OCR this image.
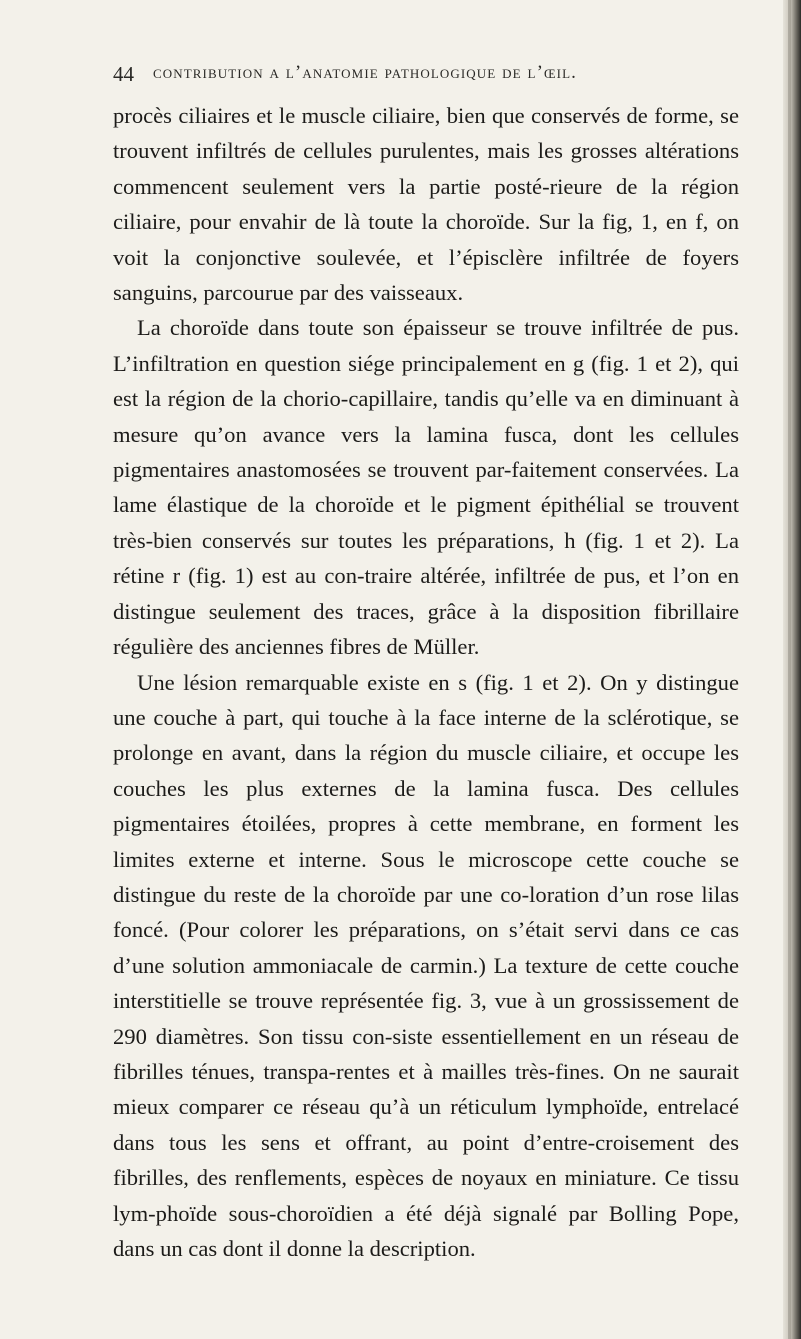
44 contribution a l’anatomie pathologique de l’œil.

procès ciliaires et le muscle ciliaire, bien que conservés de forme, se trouvent infiltrés de cellules purulentes, mais les grosses altérations commencent seulement vers la partie posté-rieure de la région ciliaire, pour envahir de là toute la choroïde. Sur la fig, 1, en f, on voit la conjonctive soulevée, et l’épisclère infiltrée de foyers sanguins, parcourue par des vaisseaux.

La choroïde dans toute son épaisseur se trouve infiltrée de pus. L’infiltration en question siége principalement en g (fig. 1 et 2), qui est la région de la chorio-capillaire, tandis qu’elle va en diminuant à mesure qu’on avance vers la lamina fusca, dont les cellules pigmentaires anastomosées se trouvent par-faitement conservées. La lame élastique de la choroïde et le pigment épithélial se trouvent très-bien conservés sur toutes les préparations, h (fig. 1 et 2). La rétine r (fig. 1) est au con-traire altérée, infiltrée de pus, et l’on en distingue seulement des traces, grâce à la disposition fibrillaire régulière des anciennes fibres de Müller.

Une lésion remarquable existe en s (fig. 1 et 2). On y distingue une couche à part, qui touche à la face interne de la sclérotique, se prolonge en avant, dans la région du muscle ciliaire, et occupe les couches les plus externes de la lamina fusca. Des cellules pigmentaires étoilées, propres à cette membrane, en forment les limites externe et interne. Sous le microscope cette couche se distingue du reste de la choroïde par une co-loration d’un rose lilas foncé. (Pour colorer les préparations, on s’était servi dans ce cas d’une solution ammoniacale de carmin.) La texture de cette couche interstitielle se trouve représentée fig. 3, vue à un grossissement de 290 diamètres. Son tissu con-siste essentiellement en un réseau de fibrilles ténues, transpa-rentes et à mailles très-fines. On ne saurait mieux comparer ce réseau qu’à un réticulum lymphoïde, entrelacé dans tous les sens et offrant, au point d’entre-croisement des fibrilles, des renflements, espèces de noyaux en miniature. Ce tissu lym-phoïde sous-choroïdien a été déjà signalé par Bolling Pope, dans un cas dont il donne la description.
